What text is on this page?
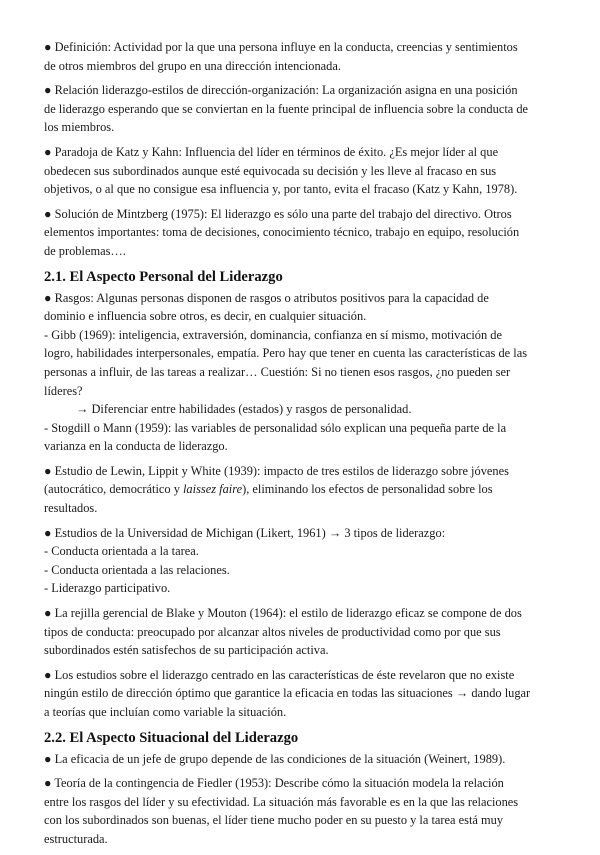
● Definición: Actividad por la que una persona influye en la conducta, creencias y sentimientos
de otros miembros del grupo en una dirección intencionada.
● Relación liderazgo-estilos de dirección-organización: La organización asigna en una posición
de liderazgo esperando que se conviertan en la fuente principal de influencia sobre la conducta de
los miembros.
● Paradoja de Katz y Kahn: Influencia del líder en términos de éxito. ¿Es mejor líder al que
obedecen sus subordinados aunque esté equivocada su decisión y les lleve al fracaso en sus
objetivos, o al que no consigue esa influencia y, por tanto, evita el fracaso (Katz y Kahn, 1978).
● Solución de Mintzberg (1975): El liderazgo es sólo una parte del trabajo del directivo. Otros
elementos importantes: toma de decisiones, conocimiento técnico, trabajo en equipo, resolución
de problemas….
2.1. El Aspecto Personal del Liderazgo
● Rasgos: Algunas personas disponen de rasgos o atributos positivos para la capacidad de
dominio e influencia sobre otros, es decir, en cualquier situación.
- Gibb (1969): inteligencia, extraversión, dominancia, confianza en sí mismo, motivación de
logro, habilidades interpersonales, empatía. Pero hay que tener en cuenta las características de las
personas a influir, de las tareas a realizar… Cuestión: Si no tienen esos rasgos, ¿no pueden ser
líderes?
→ Diferenciar entre habilidades (estados) y rasgos de personalidad.
- Stogdill o Mann (1959): las variables de personalidad sólo explican una pequeña parte de la
varianza en la conducta de liderazgo.
● Estudio de Lewin, Lippit y White (1939): impacto de tres estilos de liderazgo sobre jóvenes
(autocrático, democrático y laissez faire), eliminando los efectos de personalidad sobre los
resultados.
● Estudios de la Universidad de Michigan (Likert, 1961) → 3 tipos de liderazgo:
- Conducta orientada a la tarea.
- Conducta orientada a las relaciones.
- Liderazgo participativo.
● La rejilla gerencial de Blake y Mouton (1964): el estilo de liderazgo eficaz se compone de dos
tipos de conducta: preocupado por alcanzar altos niveles de productividad como por que sus
subordinados estén satisfechos de su participación activa.
● Los estudios sobre el liderazgo centrado en las características de éste revelaron que no existe
ningún estilo de dirección óptimo que garantice la eficacia en todas las situaciones → dando lugar
a teorías que incluían como variable la situación.
2.2. El Aspecto Situacional del Liderazgo
● La eficacia de un jefe de grupo depende de las condiciones de la situación (Weinert, 1989).
● Teoría de la contingencia de Fiedler (1953): Describe cómo la situación modela la relación
entre los rasgos del líder y su efectividad. La situación más favorable es en la que las relaciones
con los subordinados son buenas, el líder tiene mucho poder en su puesto y la tarea está muy
estructurada.
